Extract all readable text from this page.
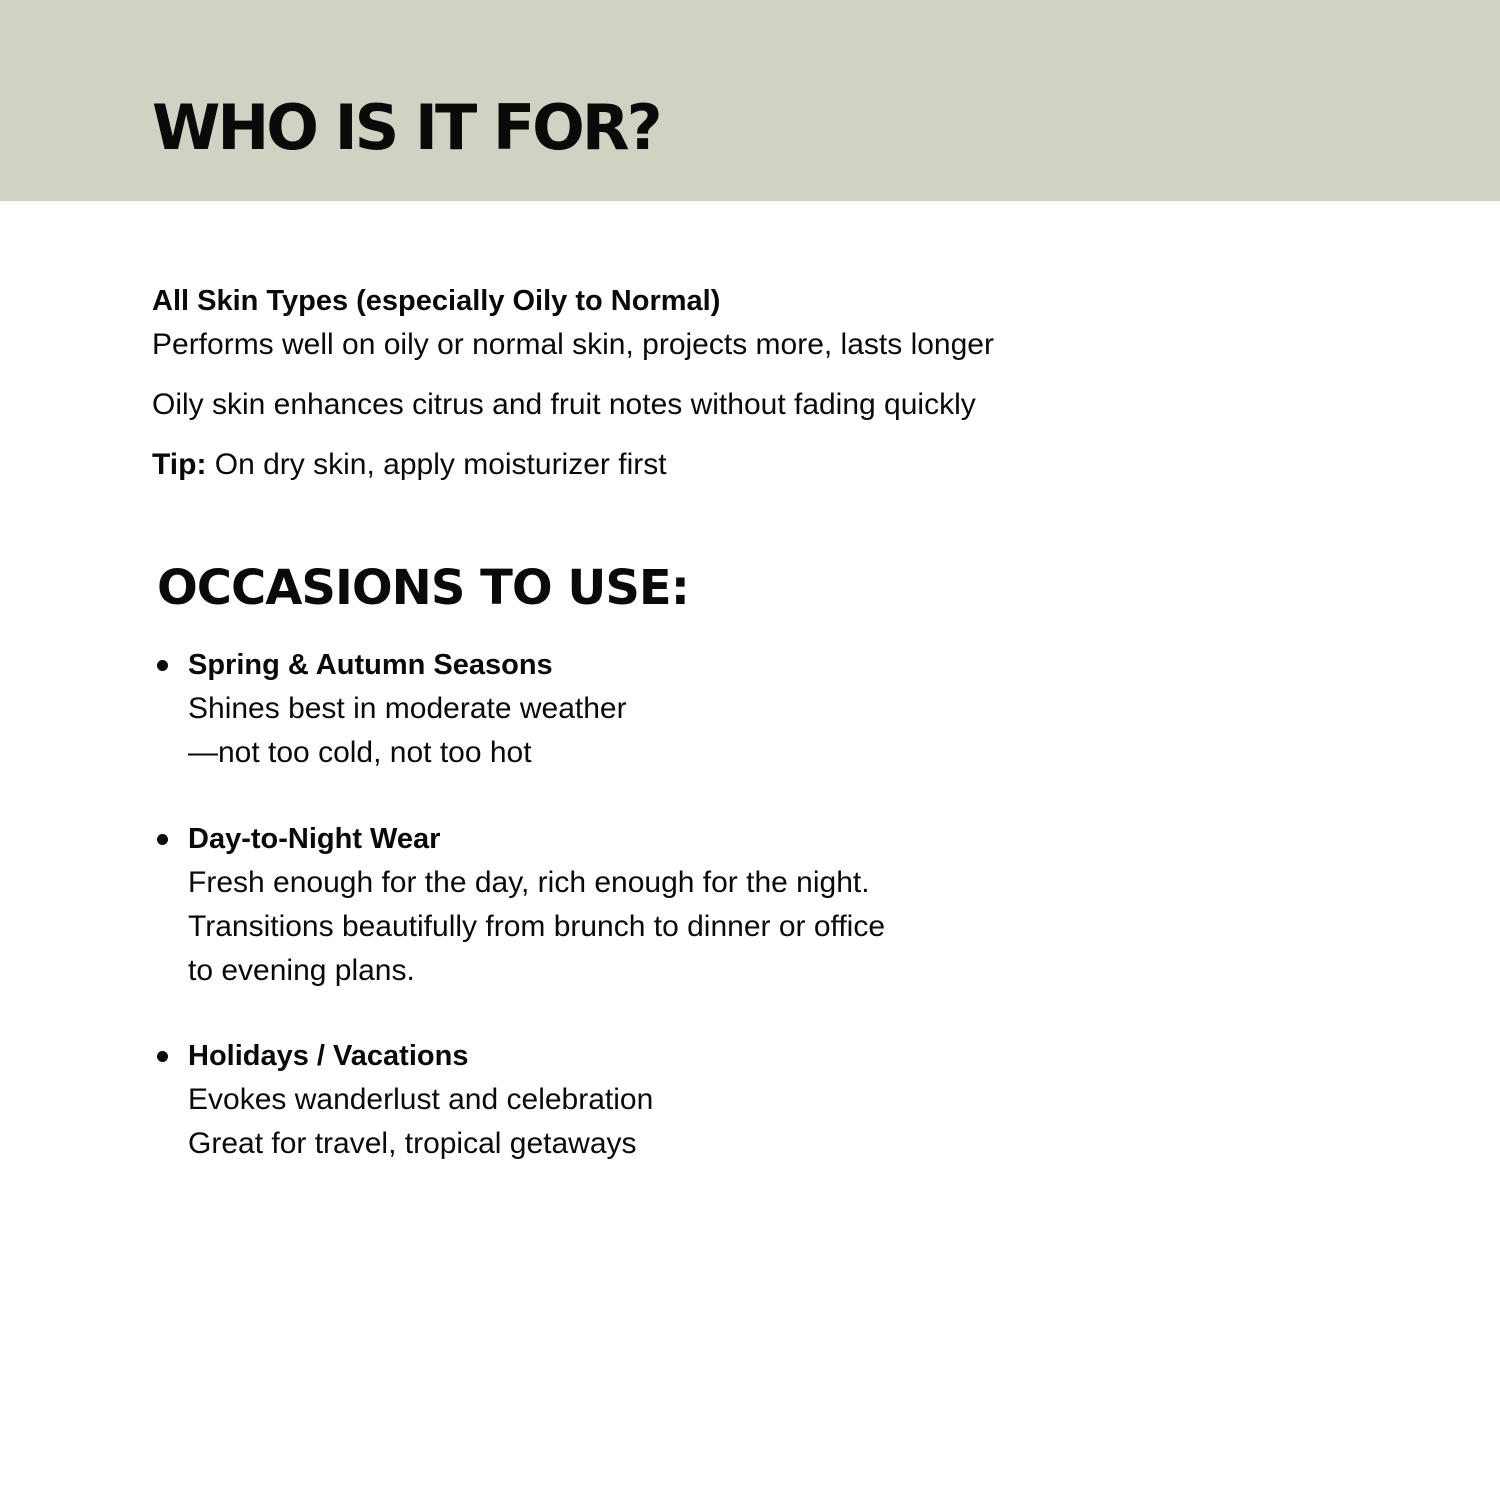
WHO IS IT FOR?

All Skin Types (especially Oily to Normal)

Performs well on oily or normal skin, projects more, lasts longer

Oily skin enhances citrus and fruit notes without fading quickly

Tip: On dry skin, apply moisturizer first

OCCASIONS TO USE:

Spring & Autumn Seasons

Shines best in moderate weather

—not too cold, not too hot

Day-to-Night Wear

Fresh enough for the day, rich enough for the night.

Transitions beautifully from brunch to dinner or office

to evening plans.

Holidays / Vacations

Evokes wanderlust and celebration

Great for travel, tropical getaways
